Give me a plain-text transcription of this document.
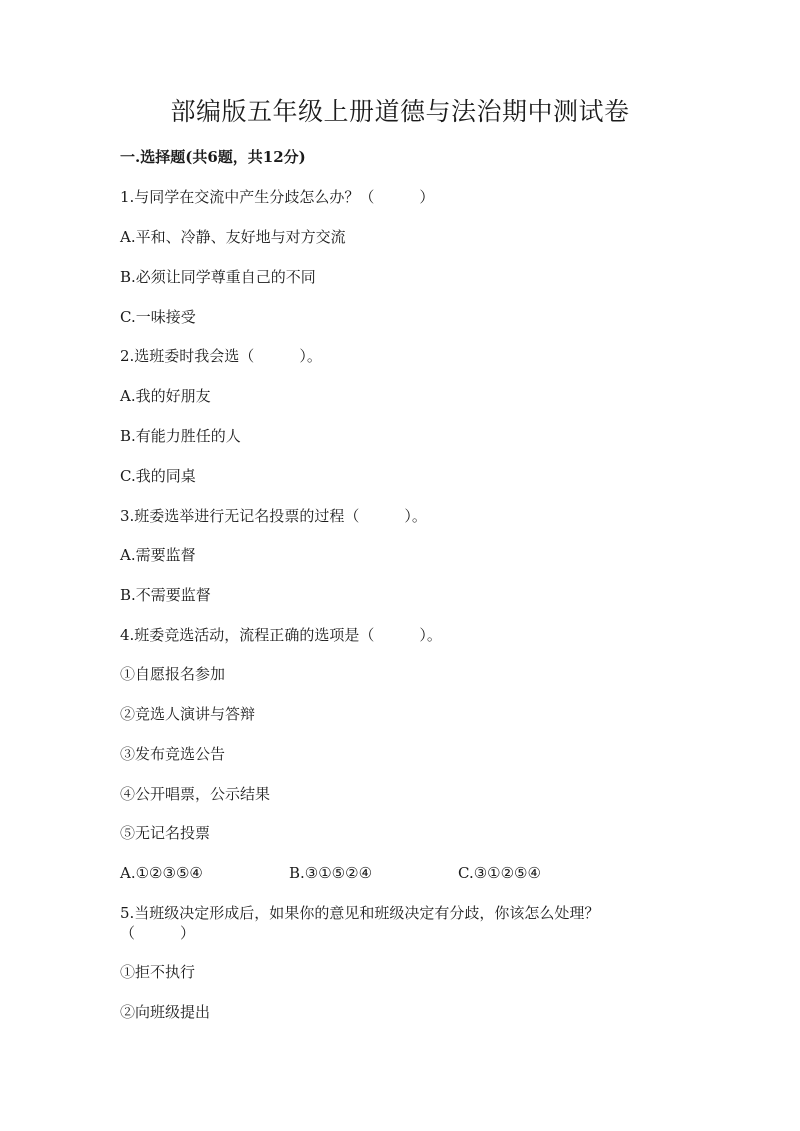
部编版五年级上册道德与法治期中测试卷
一.选择题(共6题，共12分)
1.与同学在交流中产生分歧怎么办？（　　　）
A.平和、冷静、友好地与对方交流
B.必须让同学尊重自己的不同
C.一味接受
2.选班委时我会选（　　　）。
A.我的好朋友
B.有能力胜任的人
C.我的同桌
3.班委选举进行无记名投票的过程（　　　）。
A.需要监督
B.不需要监督
4.班委竞选活动，流程正确的选项是（　　　）。
①自愿报名参加
②竞选人演讲与答辩
③发布竞选公告
④公开唱票，公示结果
⑤无记名投票
A.①②③⑤④	B.③①⑤②④	C.③①②⑤④
5.当班级决定形成后，如果你的意见和班级决定有分歧，你该怎么处理？
（　　　）
①拒不执行
②向班级提出
